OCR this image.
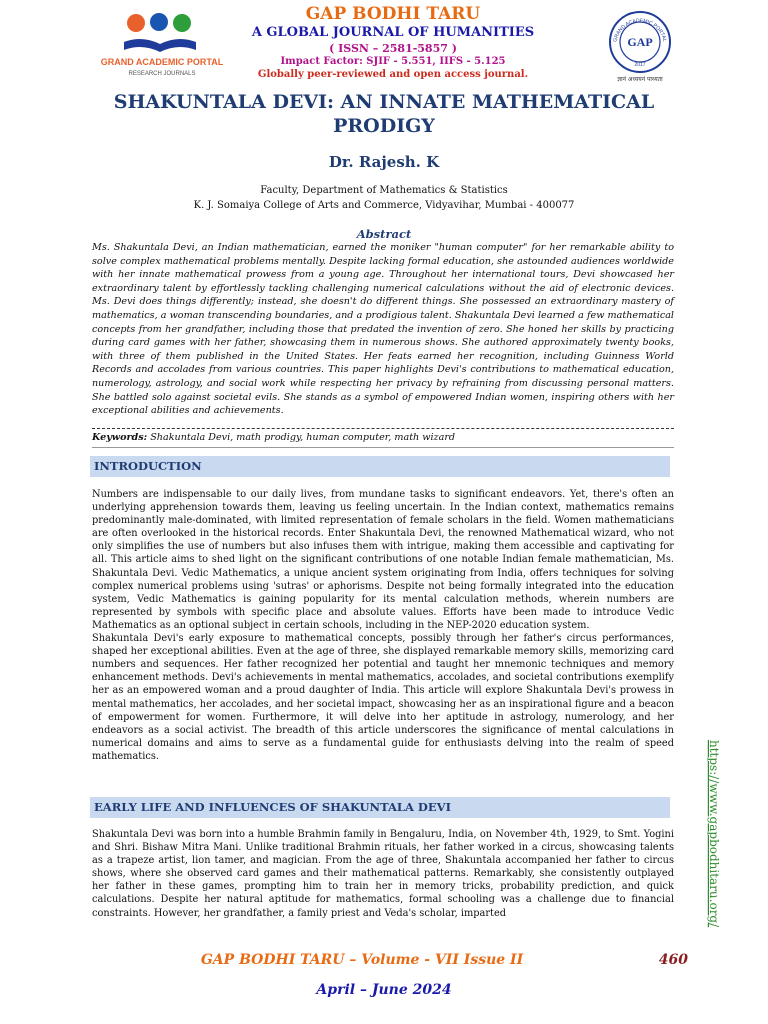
GRAND ACADEMIC PORTAL
RESEARCH JOURNALS
GAP BODHI TARU
A GLOBAL JOURNAL OF HUMANITIES
( ISSN – 2581-5857 )
Impact Factor: SJIF - 5.551, IIFS - 5.125
Globally peer-reviewed and open access journal.
GRAND ACADEMIC PORTAL
GAP
2017
ज्ञानं अध्ययनं पाथ्यता
SHAKUNTALA DEVI: AN INNATE MATHEMATICAL
PRODIGY
Dr. Rajesh. K
Faculty, Department of Mathematics & Statistics
K. J. Somaiya College of Arts and Commerce, Vidyavihar, Mumbai - 400077
Abstract
Ms. Shakuntala Devi, an Indian mathematician, earned the moniker "human computer" for her remarkable ability to solve complex mathematical problems mentally. Despite lacking formal education, she astounded audiences worldwide with her innate mathematical prowess from a young age. Throughout her international tours, Devi showcased her extraordinary talent by effortlessly tackling challenging numerical calculations without the aid of electronic devices. Ms. Devi does things differently; instead, she doesn't do different things. She possessed an extraordinary mastery of mathematics, a woman transcending boundaries, and a prodigious talent. Shakuntala Devi learned a few mathematical concepts from her grandfather, including those that predated the invention of zero. She honed her skills by practicing during card games with her father, showcasing them in numerous shows. She authored approximately twenty books, with three of them published in the United States. Her feats earned her recognition, including Guinness World Records and accolades from various countries. This paper highlights Devi's contributions to mathematical education, numerology, astrology, and social work while respecting her privacy by refraining from discussing personal matters. She battled solo against societal evils. She stands as a symbol of empowered Indian women, inspiring others with her exceptional abilities and achievements.
Keywords: Shakuntala Devi, math prodigy, human computer, math wizard
INTRODUCTION

Numbers are indispensable to our daily lives, from mundane tasks to significant endeavors. Yet, there's often an underlying apprehension towards them, leaving us feeling uncertain. In the Indian context, mathematics remains predominantly male-dominated, with limited representation of female scholars in the field. Women mathematicians are often overlooked in the historical records. Enter Shakuntala Devi, the renowned Mathematical wizard, who not only simplifies the use of numbers but also infuses them with intrigue, making them accessible and captivating for all. This article aims to shed light on the significant contributions of one notable Indian female mathematician, Ms. Shakuntala Devi. Vedic Mathematics, a unique ancient system originating from India, offers techniques for solving complex numerical problems using 'sutras' or aphorisms. Despite not being formally integrated into the education system, Vedic Mathematics is gaining popularity for its mental calculation methods, wherein numbers are represented by symbols with specific place and absolute values. Efforts have been made to introduce Vedic Mathematics as an optional subject in certain schools, including in the NEP-2020 education system.

Shakuntala Devi's early exposure to mathematical concepts, possibly through her father's circus performances, shaped her exceptional abilities. Even at the age of three, she displayed remarkable memory skills, memorizing card numbers and sequences. Her father recognized her potential and taught her mnemonic techniques and memory enhancement methods. Devi's achievements in mental mathematics, accolades, and societal contributions exemplify her as an empowered woman and a proud daughter of India. This article will explore Shakuntala Devi's prowess in mental mathematics, her accolades, and her societal impact, showcasing her as an inspirational figure and a beacon of empowerment for women. Furthermore, it will delve into her aptitude in astrology, numerology, and her endeavors as a social activist. The breadth of this article underscores the significance of mental calculations in numerical domains and aims to serve as a fundamental guide for enthusiasts delving into the realm of speed mathematics.

EARLY LIFE AND INFLUENCES OF SHAKUNTALA DEVI

Shakuntala Devi was born into a humble Brahmin family in Bengaluru, India, on November 4th, 1929, to Smt. Yogini and Shri. Bishaw Mitra Mani. Unlike traditional Brahmin rituals, her father worked in a circus, showcasing talents as a trapeze artist, lion tamer, and magician. From the age of three, Shakuntala accompanied her father to circus shows, where she observed card games and their mathematical patterns. Remarkably, she consistently outplayed her father in these games, prompting him to train her in memory tricks, probability prediction, and quick calculations. Despite her natural aptitude for mathematics, formal schooling was a challenge due to financial constraints. However, her grandfather, a family priest and Veda's scholar, imparted	https://www.gapbodhitaru.org/
GAP BODHI TARU – Volume - VII Issue II	460
April – June 2024
